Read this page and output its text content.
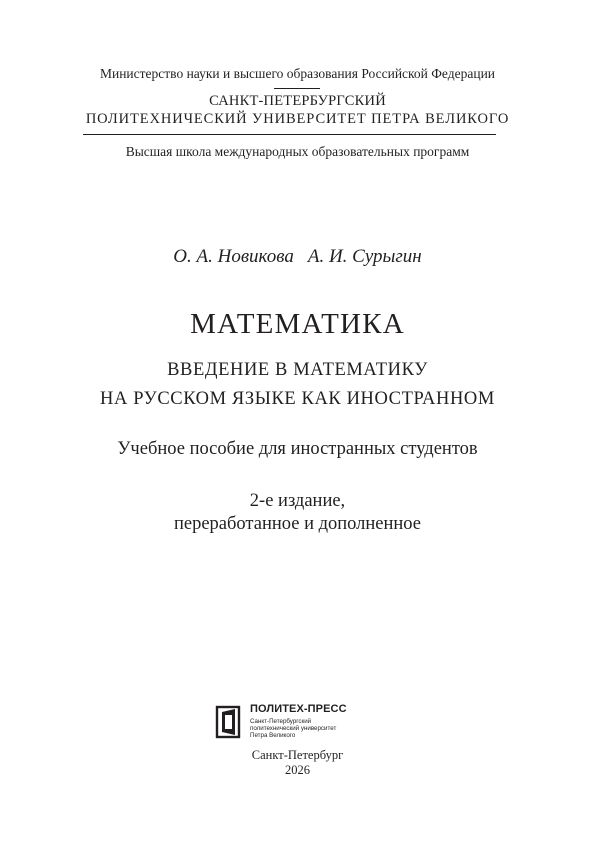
Министерство науки и высшего образования Российской Федерации
САНКТ-ПЕТЕРБУРГСКИЙ
ПОЛИТЕХНИЧЕСКИЙ УНИВЕРСИТЕТ ПЕТРА ВЕЛИКОГО
Высшая школа международных образовательных программ
О. А. Новикова А. И. Сурыгин
МАТЕМАТИКА
ВВЕДЕНИЕ В МАТЕМАТИКУ
НА РУССКОМ ЯЗЫКЕ КАК ИНОСТРАННОМ
Учебное пособие для иностранных студентов
2-е издание,
переработанное и дополненное
ПОЛИТЕХ-ПРЕСС
Санкт-Петербургский
политехнический университет
Петра Великого
Санкт-Петербург
2026
